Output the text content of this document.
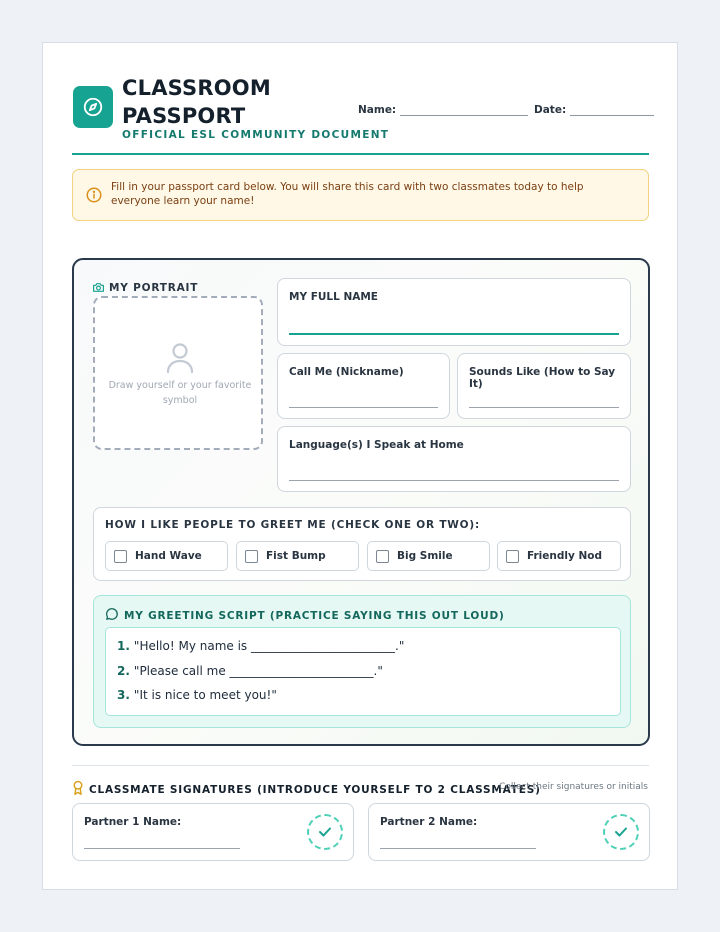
CLASSROOM PASSPORT
OFFICIAL ESL COMMUNITY DOCUMENT
Name:	Date:
Fill in your passport card below. You will share this card with two classmates today to help everyone learn your name!
MY PORTRAIT
Draw yourself or your favorite symbol
MY FULL NAME
Call Me (Nickname)	Sounds Like (How to Say It)
Language(s) I Speak at Home
HOW I LIKE PEOPLE TO GREET ME (CHECK ONE OR TWO):
Hand Wave	Fist Bump	Big Smile	Friendly Nod
MY GREETING SCRIPT (PRACTICE SAYING THIS OUT LOUD)
1. "Hello! My name is ________________________."
2. "Please call me ________________________."
3. "It is nice to meet you!"
CLASSMATE SIGNATURES (INTRODUCE YOURSELF TO 2 CLASSMATES)
Collect their signatures or initials
Partner 1 Name:	Partner 2 Name:
